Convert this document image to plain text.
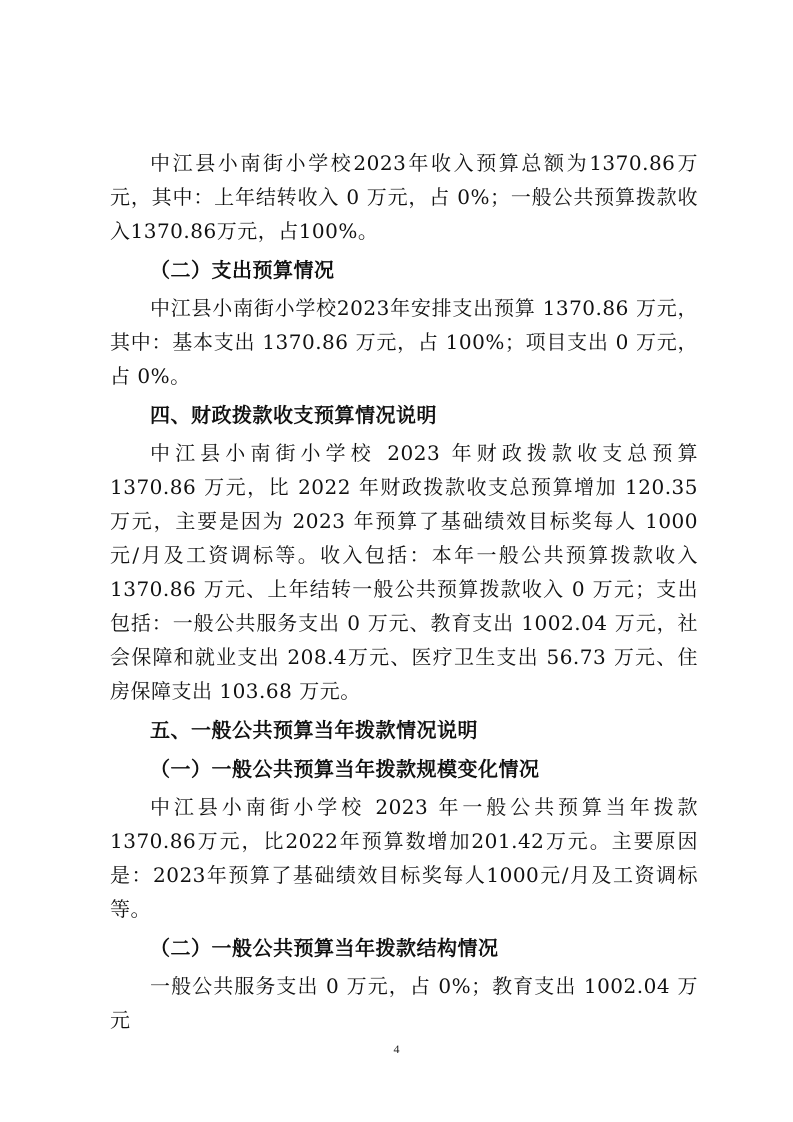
中江县小南街小学校2023年收入预算总额为1370.86万元，其中：上年结转收入 0 万元，占 0%；一般公共预算拨款收入1370.86万元，占100%。

（二）支出预算情况

中江县小南街小学校2023年安排支出预算 1370.86 万元，其中：基本支出 1370.86 万元，占 100%；项目支出 0 万元，占 0%。

四、财政拨款收支预算情况说明

中江县小南街小学校 2023 年财政拨款收支总预算 1370.86 万元，比 2022 年财政拨款收支总预算增加 120.35 万元，主要是因为 2023 年预算了基础绩效目标奖每人 1000 元/月及工资调标等。收入包括：本年一般公共预算拨款收入 1370.86 万元、上年结转一般公共预算拨款收入 0 万元；支出包括：一般公共服务支出 0 万元、教育支出 1002.04 万元，社会保障和就业支出 208.4万元、医疗卫生支出 56.73 万元、住房保障支出 103.68 万元。

五、一般公共预算当年拨款情况说明
（一）一般公共预算当年拨款规模变化情况

中江县小南街小学校 2023 年一般公共预算当年拨款1370.86万元，比2022年预算数增加201.42万元。主要原因是：2023年预算了基础绩效目标奖每人1000元/月及工资调标等。

（二）一般公共预算当年拨款结构情况

一般公共服务支出 0 万元，占 0%；教育支出 1002.04 万元

4
